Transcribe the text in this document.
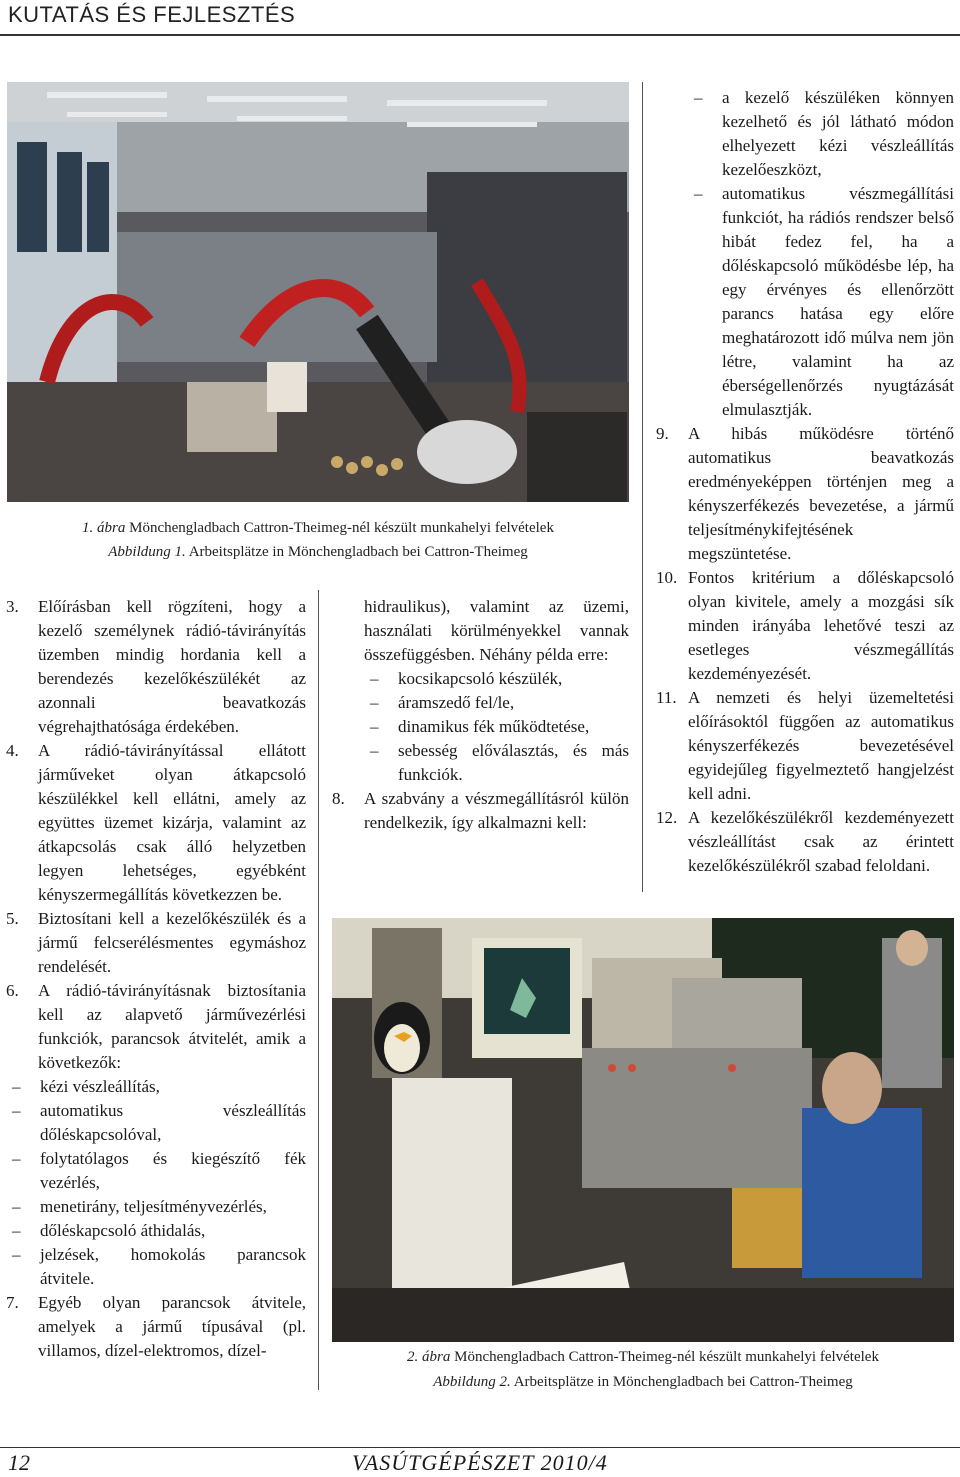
KUTATÁS ÉS FEJLESZTÉS
1. ábra Mönchengladbach Cattron-Theimeg-nél készült munkahelyi felvételek
Abbildung 1. Arbeitsplätze in Mönchengladbach bei Cattron-Theimeg

3. Előírásban kell rögzíteni, hogy a kezelő személynek rádió-távirányítás üzemben mindig hordania kell a berendezés kezelőkészülékét az azonnali beavatkozás végrehajthatósága érdekében.

4. A rádió-távirányítással ellátott járműveket olyan átkapcsoló készülékkel kell ellátni, amely az együttes üzemet kizárja, valamint az átkapcsolás csak álló helyzetben legyen lehetséges, egyébként kényszermegállítás következzen be.

5. Biztosítani kell a kezelőkészülék és a jármű felcserélésmentes egymáshoz rendelését.

6. A rádió-távirányításnak biztosítania kell az alapvető járművezérlési funkciók, parancsok átvitelét, amik a következők:

– kézi vészleállítás,

– automatikus vészleállítás dőléskapcsolóval,

– folytatólagos és kiegészítő fék vezérlés,

– menetirány, teljesítményvezérlés,

– dőléskapcsoló áthidalás,

– jelzések, homokolás parancsok átvitele.

7. Egyéb olyan parancsok átvitele, amelyek a jármű típusával (pl. villamos, dízel-elektromos, dízel-

hidraulikus), valamint az üzemi, használati körülményekkel vannak összefüggésben. Néhány példa erre:

– kocsikapcsoló készülék,

– áramszedő fel/le,

– dinamikus fék működtetése,

– sebesség előválasztás, és más funkciók.

8. A szabvány a vészmegállításról külön rendelkezik, így alkalmazni kell:

– a kezelő készüléken könnyen kezelhető és jól látható módon elhelyezett kézi vészleállítás kezelőeszközt,

– automatikus vészmegállítási funkciót, ha rádiós rendszer belső hibát fedez fel, ha a dőléskapcsoló működésbe lép, ha egy érvényes és ellenőrzött parancs hatása egy előre meghatározott idő múlva nem jön létre, valamint ha az éberségellenőrzés nyugtázását elmulasztják.

9. A hibás működésre történő automatikus beavatkozás eredményeképpen történjen meg a kényszerfékezés bevezetése, a jármű teljesítménykifejtésének megszüntetése.

10. Fontos kritérium a dőléskapcsoló olyan kivitele, amely a mozgási sík minden irányába lehetővé teszi az esetleges vészmegállítás kezdeményezését.

11. A nemzeti és helyi üzemeltetési előírásoktól függően az automatikus kényszerfékezés bevezetésével egyidejűleg figyelmeztető hangjelzést kell adni.

12. A kezelőkészülékről kezdeményezett vészleállítást csak az érintett kezelőkészülékről szabad feloldani.

2. ábra Mönchengladbach Cattron-Theimeg-nél készült munkahelyi felvételek
Abbildung 2. Arbeitsplätze in Mönchengladbach bei Cattron-Theimeg
12	VASÚTGÉPÉSZET 2010/4
